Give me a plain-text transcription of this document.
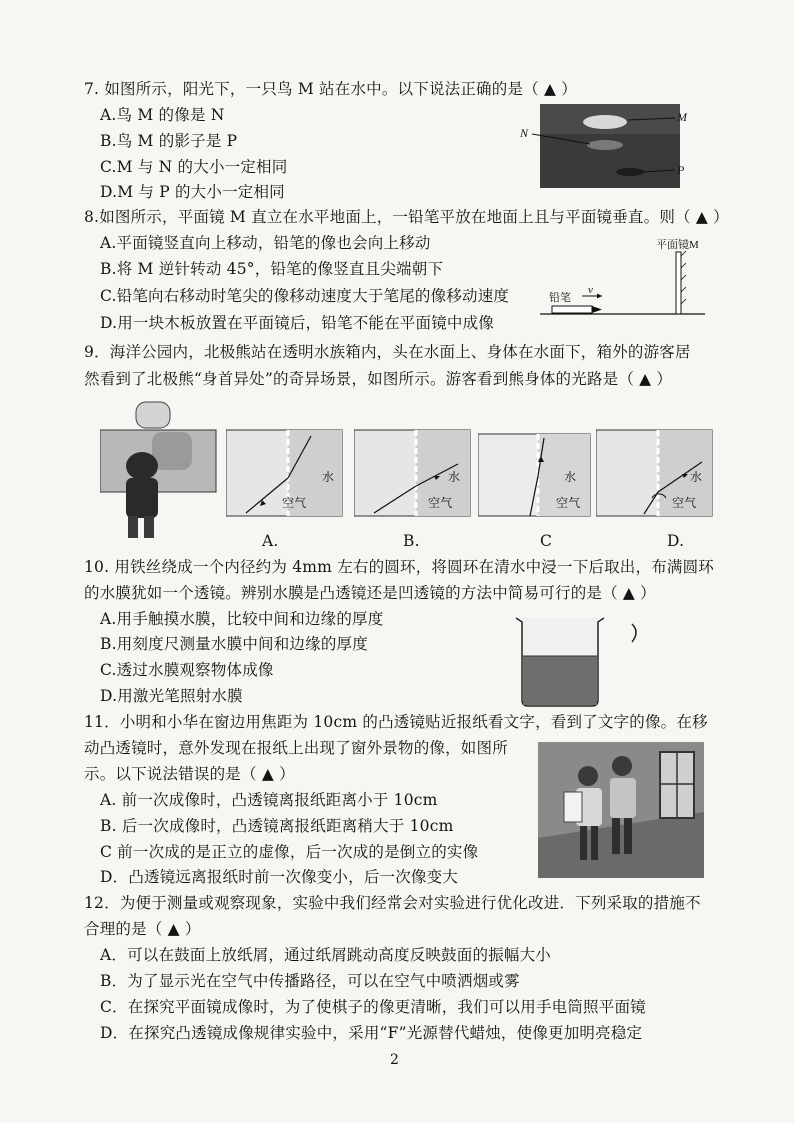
7. 如图所示，阳光下，一只鸟 M 站在水中。以下说法正确的是（ ▲ ）
A.鸟 M 的像是 N
B.鸟 M 的影子是 P
C.M 与 N 的大小一定相同
D.M 与 P 的大小一定相同
M
N
P
8.如图所示，平面镜 M 直立在水平地面上，一铅笔平放在地面上且与平面镜垂直。则（ ▲ ）
A.平面镜竖直向上移动，铅笔的像也会向上移动
B.将 M 逆针转动 45°，铅笔的像竖直且尖端朝下
C.铅笔向右移动时笔尖的像移动速度大于笔尾的像移动速度
D.用一块木板放置在平面镜后，铅笔不能在平面镜中成像
平面镜M
铅笔
v
9．海洋公园内，北极熊站在透明水族箱内，头在水面上、身体在水面下，箱外的游客居
然看到了北极熊“身首异处”的奇异场景，如图所示。游客看到熊身体的光路是（ ▲ ）
水
空气
水
空气
水
空气
水
空气
A.	B.	C	D.
10. 用铁丝绕成一个内径约为 4mm 左右的圆环，将圆环在清水中浸一下后取出，布满圆环
的水膜犹如一个透镜。辨别水膜是凸透镜还是凹透镜的方法中简易可行的是（ ▲ ）
A.用手触摸水膜，比较中间和边缘的厚度
B.用刻度尺测量水膜中间和边缘的厚度
C.透过水膜观察物体成像
D.用激光笔照射水膜
11．小明和小华在窗边用焦距为 10cm 的凸透镜贴近报纸看文字，看到了文字的像。在移
动凸透镜时，意外发现在报纸上出现了窗外景物的像，如图所
示。以下说法错误的是（ ▲ ）
A. 前一次成像时，凸透镜离报纸距离小于 10cm
B. 后一次成像时，凸透镜离报纸距离稍大于 10cm
C 前一次成的是正立的虚像，后一次成的是倒立的实像
D．凸透镜远离报纸时前一次像变小，后一次像变大
12．为便于测量或观察现象，实验中我们经常会对实验进行优化改进．下列采取的措施不
合理的是（ ▲ ）
A．可以在鼓面上放纸屑，通过纸屑跳动高度反映鼓面的振幅大小
B．为了显示光在空气中传播路径，可以在空气中喷洒烟或雾
C．在探究平面镜成像时，为了使棋子的像更清晰，我们可以用手电筒照平面镜
D．在探究凸透镜成像规律实验中，采用“F”光源替代蜡烛，使像更加明亮稳定
2
